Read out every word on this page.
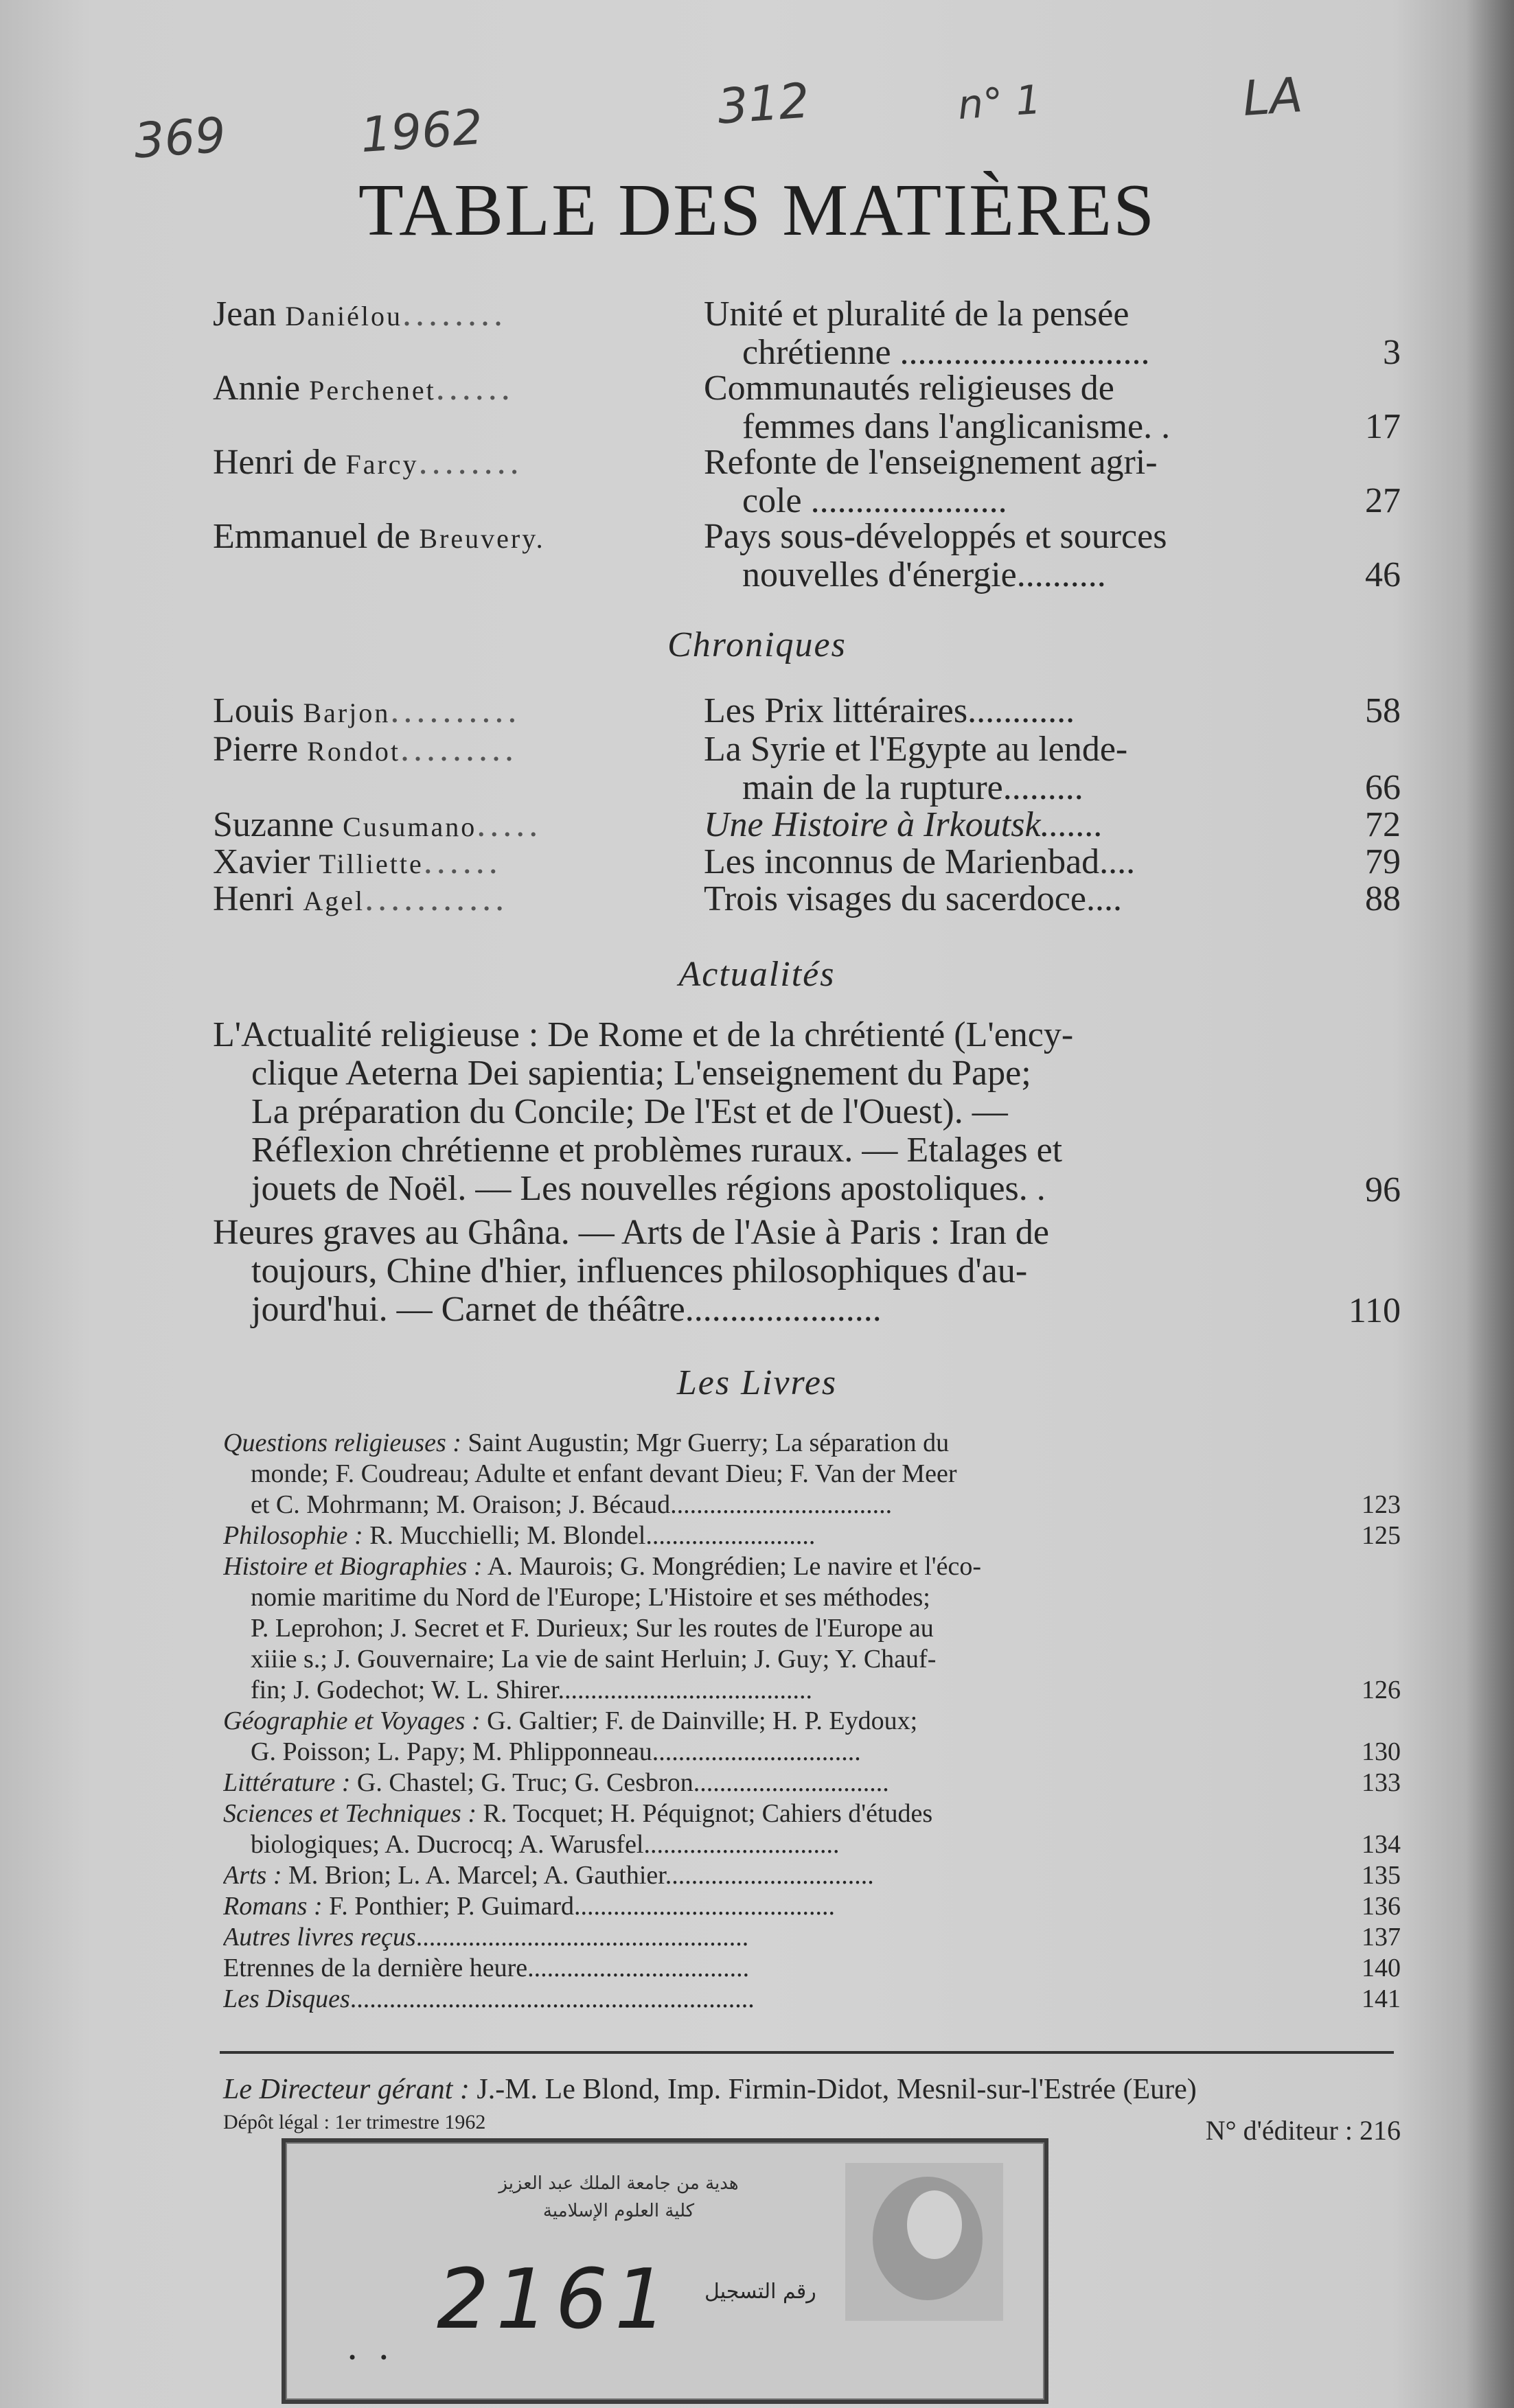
369	1962	312	n° 1	LA
TABLE DES MATIÈRES
Jean Daniélou........	Unité et pluralité de la pensée
chrétienne ............................	3
Annie Perchenet......	Communautés religieuses de
femmes dans l'anglicanisme. .	17
Henri de Farcy........	Refonte de l'enseignement agri-
cole ......................	27
Emmanuel de Breuvery.	Pays sous-développés et sources
nouvelles d'énergie..........	46
Chroniques
Louis Barjon..........	Les Prix littéraires............	58
Pierre Rondot.........	La Syrie et l'Egypte au lende-
main de la rupture.........	66
Suzanne Cusumano.....	Une Histoire à Irkoutsk.......	72
Xavier Tilliette......	Les inconnus de Marienbad....	79
Henri Agel...........	Trois visages du sacerdoce....	88
Actualités
L'Actualité religieuse : De Rome et de la chrétienté (L'ency-
clique Aeterna Dei sapientia; L'enseignement du Pape;
La préparation du Concile; De l'Est et de l'Ouest). —
Réflexion chrétienne et problèmes ruraux. — Etalages et
jouets de Noël. — Les nouvelles régions apostoliques. .	96
Heures graves au Ghâna. — Arts de l'Asie à Paris : Iran de
toujours, Chine d'hier, influences philosophiques d'au-
jourd'hui. — Carnet de théâtre......................	110
Les Livres
Questions religieuses : Saint Augustin; Mgr Guerry; La séparation du
monde; F. Coudreau; Adulte et enfant devant Dieu; F. Van der Meer
et C. Mohrmann; M. Oraison; J. Bécaud..................................	123
Philosophie : R. Mucchielli; M. Blondel..........................	125
Histoire et Biographies : A. Maurois; G. Mongrédien; Le navire et l'éco-
nomie maritime du Nord de l'Europe; L'Histoire et ses méthodes;
P. Leprohon; J. Secret et F. Durieux; Sur les routes de l'Europe au
xiiie s.; J. Gouvernaire; La vie de saint Herluin; J. Guy; Y. Chauf-
fin; J. Godechot; W. L. Shirer.......................................	126
Géographie et Voyages : G. Galtier; F. de Dainville; H. P. Eydoux;
G. Poisson; L. Papy; M. Phlipponneau................................	130
Littérature : G. Chastel; G. Truc; G. Cesbron..............................	133
Sciences et Techniques : R. Tocquet; H. Péquignot; Cahiers d'études
biologiques; A. Ducrocq; A. Warusfel..............................	134
Arts : M. Brion; L. A. Marcel; A. Gauthier................................	135
Romans : F. Ponthier; P. Guimard........................................	136
Autres livres reçus...................................................	137
Etrennes de la dernière heure..................................	140
Les Disques..............................................................	141
Le Directeur gérant : J.-M. Le Blond, Imp. Firmin-Didot, Mesnil-sur-l'Estrée (Eure)
Dépôt légal : 1er trimestre 1962	N° d'éditeur : 216
هدية من جامعة الملك عبد العزيز
كلية العلوم الإسلامية
2161 رقم التسجيل
• •
